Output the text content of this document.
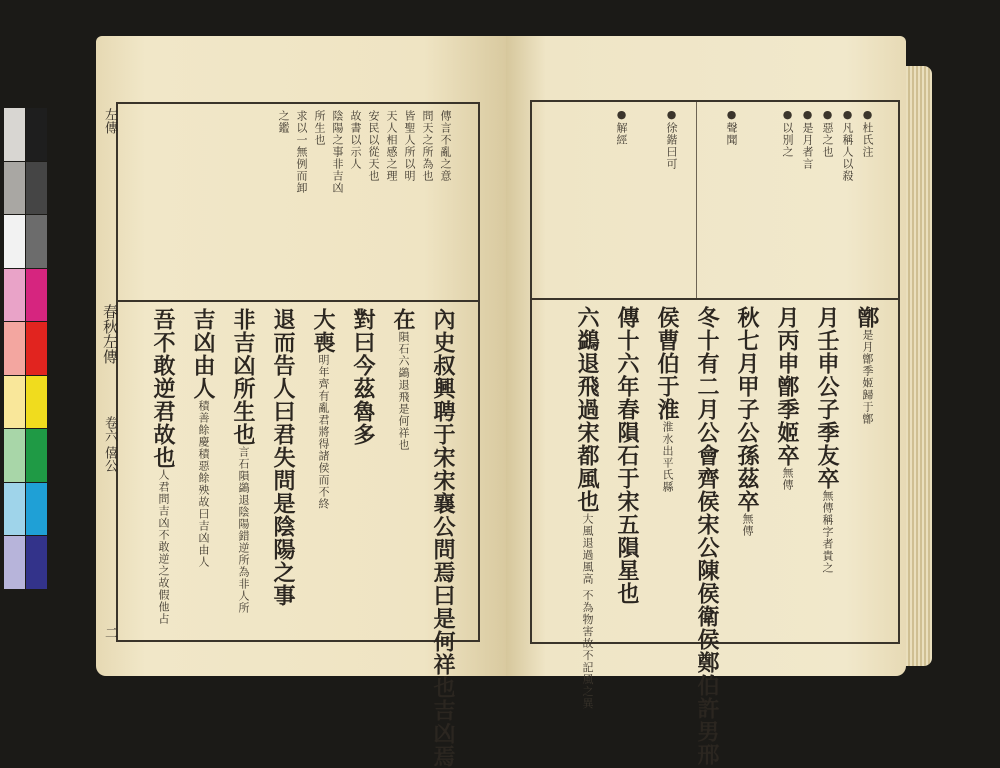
左傳
春秋左傳
卷六 僖公
二
傳言不亂之意
問天之所為也
皆聖人所以明
天人相感之理
安民以從天也
故書以示人
陰陽之事非吉凶
所生也
求以一無例而卸
之鑑
內史叔興聘于宋宋襄公問焉曰是何祥也吉凶焉
在隕石六鷁退飛是何祥也
對曰今茲魯多
大喪明年齊有亂君將得諸侯而不終
退而告人曰君失問是陰陽之事
非吉凶所生也言石隕鷁退陰陽錯逆所為非人所
吉凶由人積善餘慶積惡餘殃故曰吉凶由人
吾不敢逆君故也人君問吉凶不敢逆之故假他占
●杜氏注
●凡稱人以殺
●惡之也
●是月者言
●以別之
●聲聞
●徐鍇曰可
●解經
鄫是月鄫季姬歸于鄫
月壬申公子季友卒無傳稱字者貴之
月丙申鄫季姬卒無傳
秋七月甲子公孫茲卒無傳
冬十有二月公會齊侯宋公陳侯衛侯鄭伯許男邢
侯曹伯于淮淮水出平氏縣
傳十六年春隕石于宋五隕星也
六鷁退飛過宋都風也大風退過風高 不為物害故不記風之異
